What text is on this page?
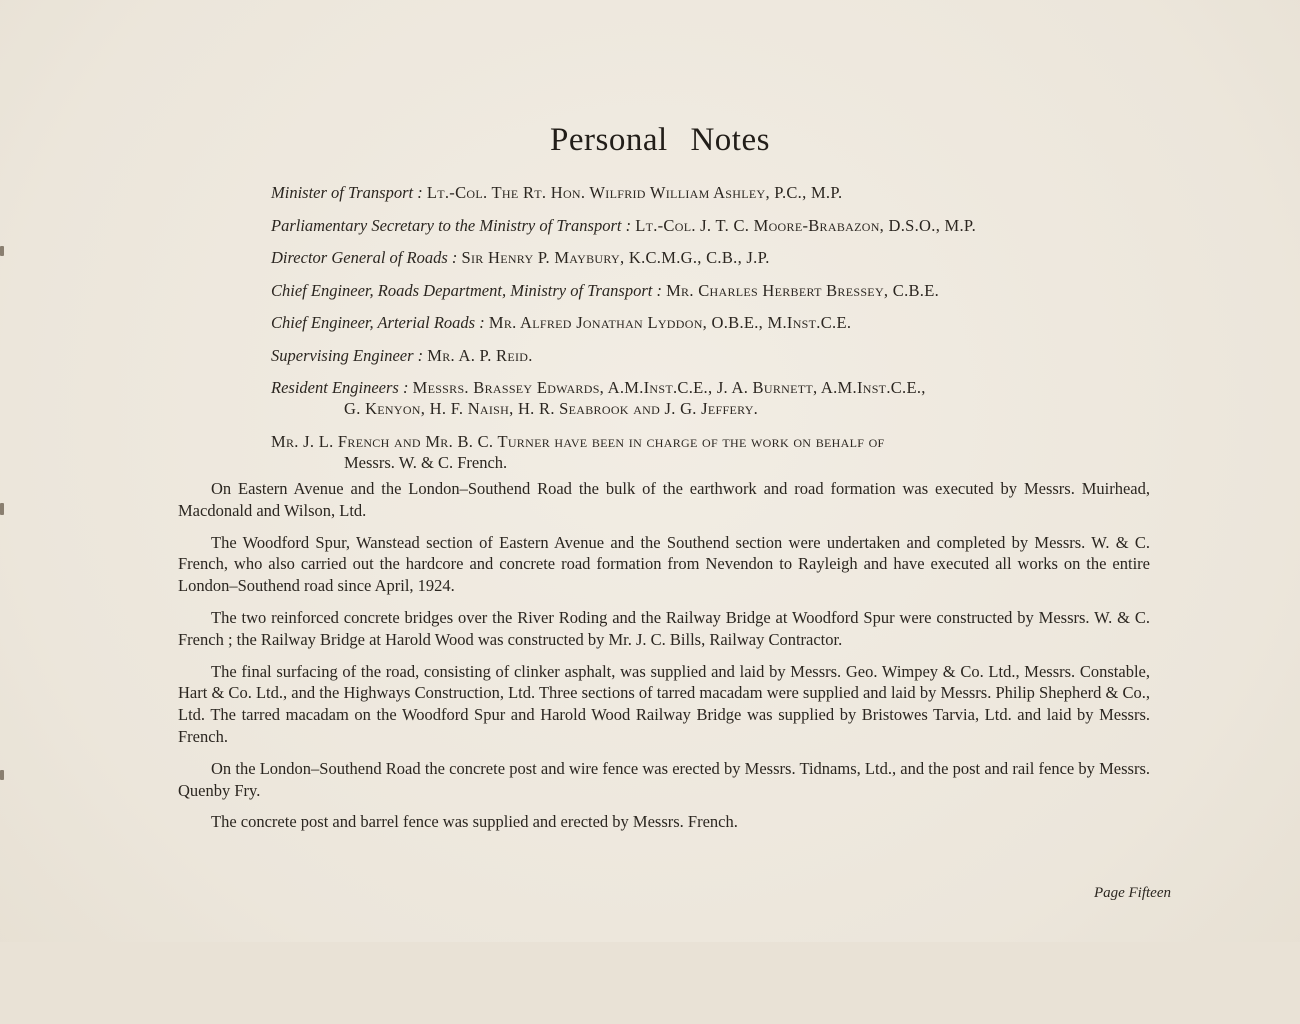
Personal Notes
Minister of Transport : Lt.-Col. The Rt. Hon. Wilfrid William Ashley, P.C., M.P.
Parliamentary Secretary to the Ministry of Transport : Lt.-Col. J. T. C. Moore-Brabazon, D.S.O., M.P.
Director General of Roads : Sir Henry P. Maybury, K.C.M.G., C.B., J.P.
Chief Engineer, Roads Department, Ministry of Transport : Mr. Charles Herbert Bressey, C.B.E.
Chief Engineer, Arterial Roads : Mr. Alfred Jonathan Lyddon, O.B.E., M.Inst.C.E.
Supervising Engineer : Mr. A. P. Reid.
Resident Engineers : Messrs. Brassey Edwards, A.M.Inst.C.E., J. A. Burnett, A.M.Inst.C.E.,
G. Kenyon, H. F. Naish, H. R. Seabrook and J. G. Jeffery.
Mr. J. L. French and Mr. B. C. Turner have been in charge of the work on behalf of
Messrs. W. & C. French.

On Eastern Avenue and the London–Southend Road the bulk of the earthwork and road formation was executed by Messrs. Muirhead, Macdonald and Wilson, Ltd.

The Woodford Spur, Wanstead section of Eastern Avenue and the Southend section were undertaken and completed by Messrs. W. & C. French, who also carried out the hardcore and concrete road formation from Nevendon to Rayleigh and have executed all works on the entire London–Southend road since April, 1924.

The two reinforced concrete bridges over the River Roding and the Railway Bridge at Woodford Spur were constructed by Messrs. W. & C. French ; the Railway Bridge at Harold Wood was constructed by Mr. J. C. Bills, Railway Contractor.

The final surfacing of the road, consisting of clinker asphalt, was supplied and laid by Messrs. Geo. Wimpey & Co. Ltd., Messrs. Constable, Hart & Co. Ltd., and the Highways Construction, Ltd. Three sections of tarred macadam were supplied and laid by Messrs. Philip Shepherd & Co., Ltd. The tarred macadam on the Woodford Spur and Harold Wood Railway Bridge was supplied by Bristowes Tarvia, Ltd. and laid by Messrs. French.

On the London–Southend Road the concrete post and wire fence was erected by Messrs. Tidnams, Ltd., and the post and rail fence by Messrs. Quenby Fry.

The concrete post and barrel fence was supplied and erected by Messrs. French.

Page Fifteen
